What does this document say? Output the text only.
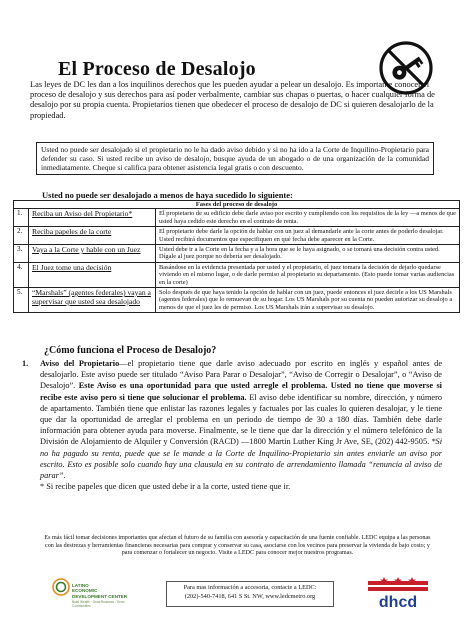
El Proceso de Desalojo
Las leyes de DC les dan a los inquilinos derechos que les pueden ayudar a pelear un desalojo. Es importante conocer el proceso de desalojo y sus derechos para así poder verbalmente, cambiar sus chapas o puertas, o hacer cualquier forma de desalojo por su propia cuenta. Propietarios tienen que obedecer el proceso de desalojo de DC si quieren desalojarlo de la propiedad.
Usted no puede ser desalojado si el propietario no le ha dado aviso debido y si no ha ido a la Corte de Inquilino-Propietario para defender su caso. Si usted recibe un aviso de desalojo, busque ayuda de un abogado o de una organización de la comunidad inmediatamente. Cheque si califica para obtener asistencia legal gratis o con descuento.
Usted no puede ser desalojado a menos de haya sucedido lo siguiente:
Fases del proceso de desalojo		
1.	Reciba un Aviso del Propietario*	El propietario de su edificio debe darle aviso por escrito y cumpliendo con los requisitos de la ley —a menos de que usted haya cedido este derecho en el contrato de renta.
2.	Reciba papeles de la corte	El propietario debe darle la opción de hablar con un juez al demandarle ante la corte antes de poderlo desalojar. Usted recibirá documentos que especifiquen en qué fecha debe aparecer en la Corte.
3.	Vaya a la Corte y hable con un Juez	Usted debe ir a la Corte en la fecha y a la hora que se le haya asignado, o se tomará una decisión contra usted. Dígale al juez porque no debería ser desalojado.
4.	El Juez tome una decisión	Basándose en la evidencia presentada por usted y el propietario, el juez tomara la decisión de dejarlo quedarse viviendo en el mismo lugar, o de darle permiso al propietario su departamento. (Esto puede tomar varias audiencias en la corte)
5.	“Marshals” (agentes federales) vayan a supervisar que usted sea desalojado	Solo después de que haya tenido la opción de hablar con un juez, puede entonces el juez decirle a los US Marshals (agentes federales) que lo remuevan de su hogar. Los US Marshals por su cuenta no pueden autorizar su desalojo a menos de que el juez les de permiso. Los US Marshals irán a supervisar su desalojo.
¿Cómo funciona el Proceso de Desalojo?
1. Aviso del Propietario—el propietario tiene que darle aviso adecuado por escrito en inglés y español antes de desalojarlo. Este aviso puede ser titulado “Aviso Para Parar o Desalojar”, “Aviso de Corregir o Desalojar”, o “Aviso de Desalojo”. Este Aviso es una oportunidad para que usted arregle el problema. Usted no tiene que moverse si recibe este aviso pero si tiene que solucionar el problema. El aviso debe identificar su nombre, dirección, y número de apartamento. También tiene que enlistar las razones legales y factuales por las cuales lo quieren desalojar, y le tiene que dar la oportunidad de arreglar el problema en un periodo de tiempo de 30 a 180 días. También debe darle información para obtener ayuda para moverse. Finalmente, se le tiene que dar la dirección y el número telefónico de la División de Alojamiento de Alquiler y Conversión (RACD) —1800 Martin Luther King Jr Ave, SE, (202) 442-9505. *Si no ha pagado su renta, puede que se le mande a la Corte de Inquilino-Propietario sin antes enviarle un aviso por escrito. Esto es posible solo cuando hay una clausula en su contrato de arrendamiento llamada “renuncia al aviso de parar”.
* Si recibe papeles que dicen que usted debe ir a la corte, usted tiene que ir.
Es más fácil tomar decisiones importantes que afectan el futuro de su familia con asesoría y capacitación de una fuente confiable. LEDC equipa a las personas con las destrezas y herramientas financieras necesarias para comprar y conservar su casa, asociarse con los vecinos para preservar la vivienda de bajo costo; y para comenzar o fortalecer un negocio. Visite a LEDC para conocer mejor nuestros programas.
LATINO
ECONOMIC
DEVELOPMENT CENTER
Build Wealth · Grow Business · Grow Communities
Para mas información a accesoria, contacte a LEDC:
(202)-540-7418, 641 S St. NW, www.ledcmetro.org	dhcd
